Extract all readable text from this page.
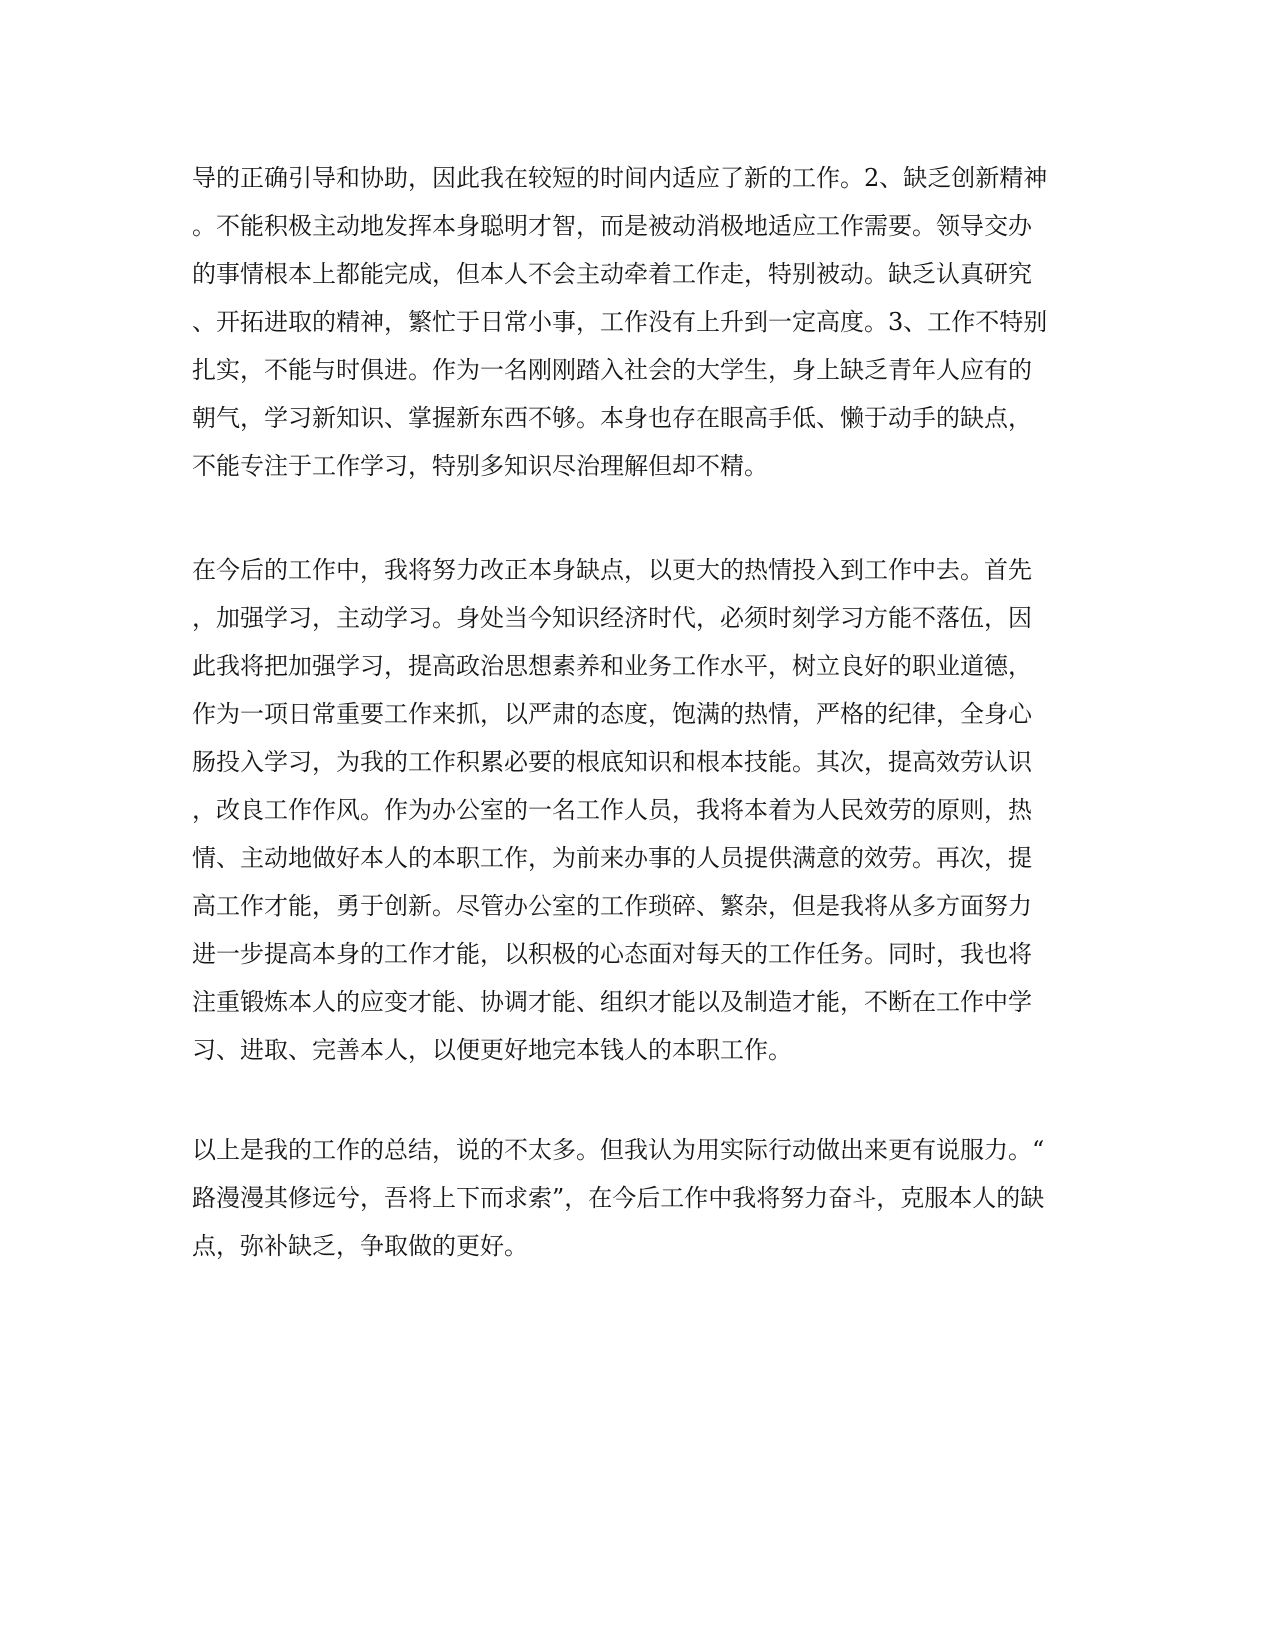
导的正确引导和协助，因此我在较短的时间内适应了新的工作。2、缺乏创新精神
。不能积极主动地发挥本身聪明才智，而是被动消极地适应工作需要。领导交办
的事情根本上都能完成，但本人不会主动牵着工作走，特别被动。缺乏认真研究
、开拓进取的精神，繁忙于日常小事，工作没有上升到一定高度。3、工作不特别
扎实，不能与时俱进。作为一名刚刚踏入社会的大学生，身上缺乏青年人应有的
朝气，学习新知识、掌握新东西不够。本身也存在眼高手低、懒于动手的缺点，
不能专注于工作学习，特别多知识尽治理解但却不精。
在今后的工作中，我将努力改正本身缺点，以更大的热情投入到工作中去。首先
，加强学习，主动学习。身处当今知识经济时代，必须时刻学习方能不落伍，因
此我将把加强学习，提高政治思想素养和业务工作水平，树立良好的职业道德，
作为一项日常重要工作来抓，以严肃的态度，饱满的热情，严格的纪律，全身心
肠投入学习，为我的工作积累必要的根底知识和根本技能。其次，提高效劳认识
，改良工作作风。作为办公室的一名工作人员，我将本着为人民效劳的原则，热
情、主动地做好本人的本职工作，为前来办事的人员提供满意的效劳。再次，提
高工作才能，勇于创新。尽管办公室的工作琐碎、繁杂，但是我将从多方面努力
进一步提高本身的工作才能，以积极的心态面对每天的工作任务。同时，我也将
注重锻炼本人的应变才能、协调才能、组织才能以及制造才能，不断在工作中学
习、进取、完善本人，以便更好地完本钱人的本职工作。
以上是我的工作的总结，说的不太多。但我认为用实际行动做出来更有说服力。“
路漫漫其修远兮，吾将上下而求索”，在今后工作中我将努力奋斗，克服本人的缺
点，弥补缺乏，争取做的更好。
